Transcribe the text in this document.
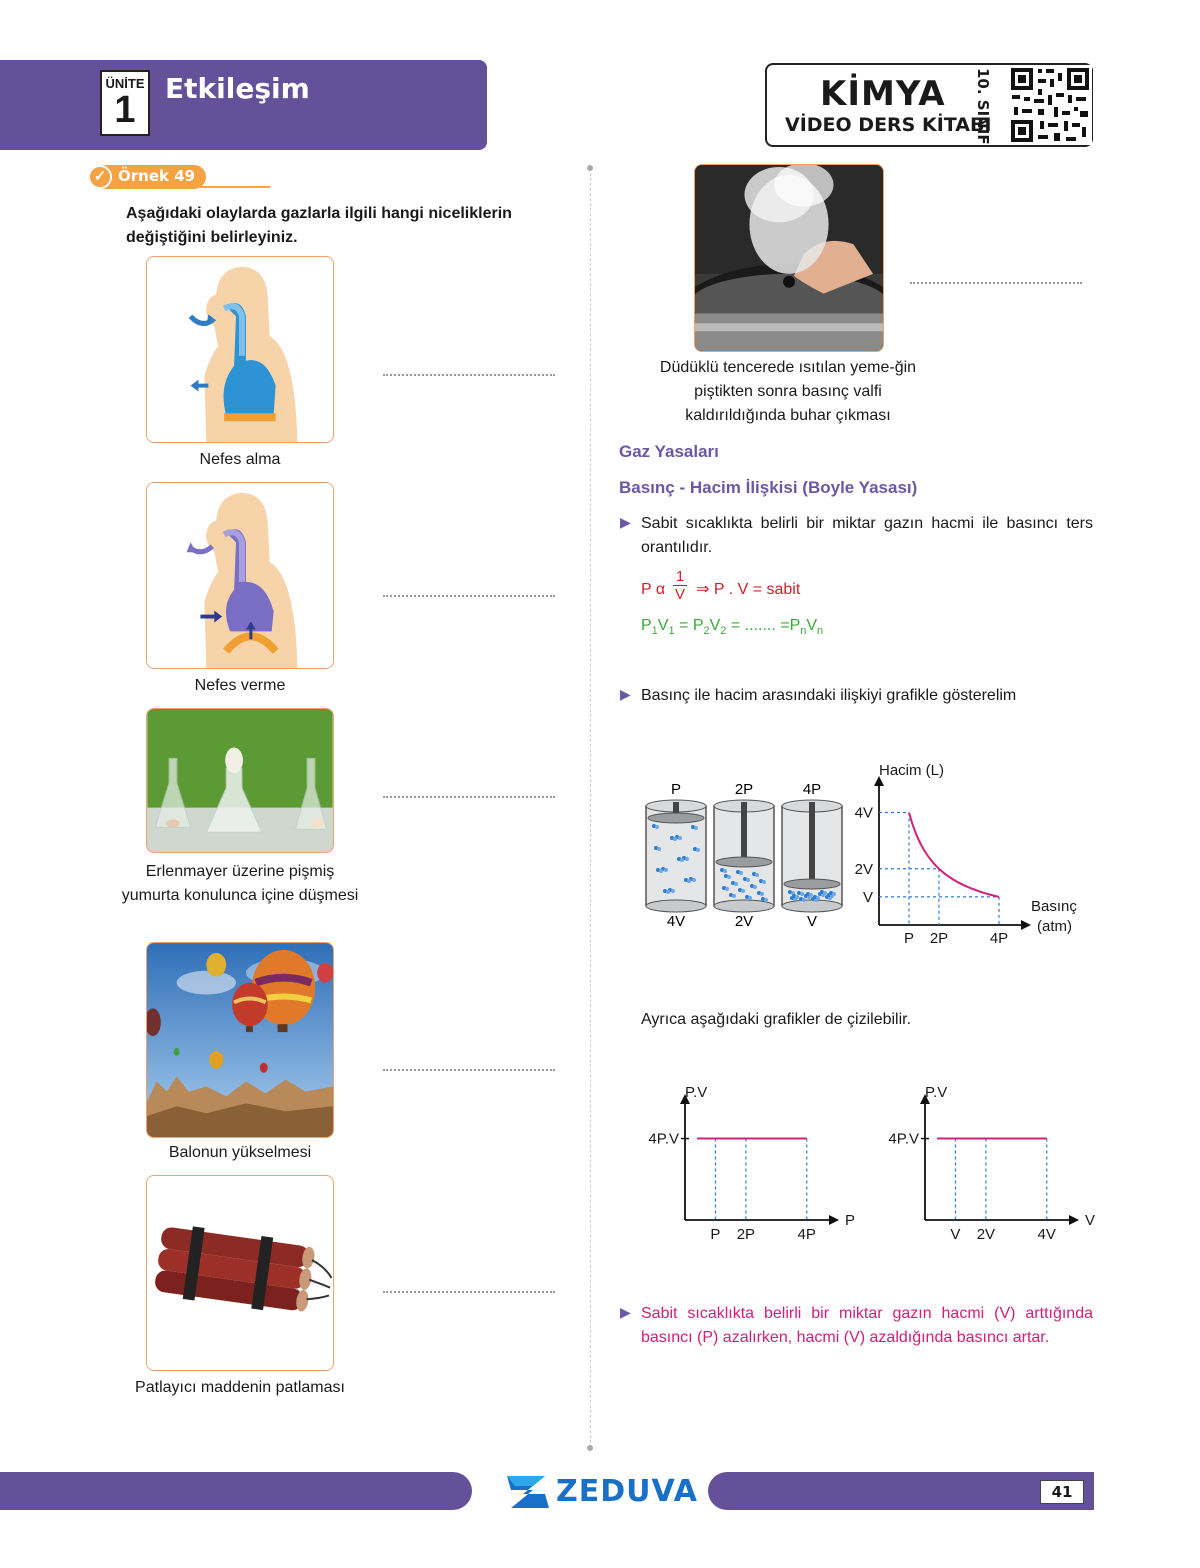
ÜNİTE
1
Etkileşim	KİMYA
VİDEO DERS KİTABI
10. SINIF
✓ Örnek 49
Aşağıdaki olaylarda gazlarla ilgili hangi niceliklerin değiştiğini belirleyiniz.
Nefes alma
Nefes verme
Erlenmayer üzerine pişmiş yumurta konulunca içine düşmesi
Balonun yükselmesi
Patlayıcı maddenin patlaması
Düdüklü tencerede ısıtılan yeme-ğin piştikten sonra basınç valfi kaldırıldığında buhar çıkması
Gaz Yasaları
Basınç - Hacim İlişkisi (Boyle Yasası)
▶ Sabit sıcaklıkta belirli bir miktar gazın hacmi ile basıncı ters orantılıdır.
P α $\frac{1}{V}$ ⇒ P . V = sabit
$P_1V_1 = P_2V_2$ = ....... $=P_nV_n$
▶ Basınç ile hacim arasındaki ilişkiyi grafikle gösterelim
P
4V
2P
2V
4P
V
Hacim (L)
Basınç
(atm)
P
4V
2P
2V
4P
V
Ayrıca aşağıdaki grafikler de çizilebilir.
P.V
P
4P.V
P 2P	4P
P.V
V
4P.V
V 2V	4V
▶ Sabit sıcaklıkta belirli bir miktar gazın hacmi (V) arttığında basıncı (P) azalırken, hacmi (V) azaldığında basıncı artar.
ZEDUVA	41
